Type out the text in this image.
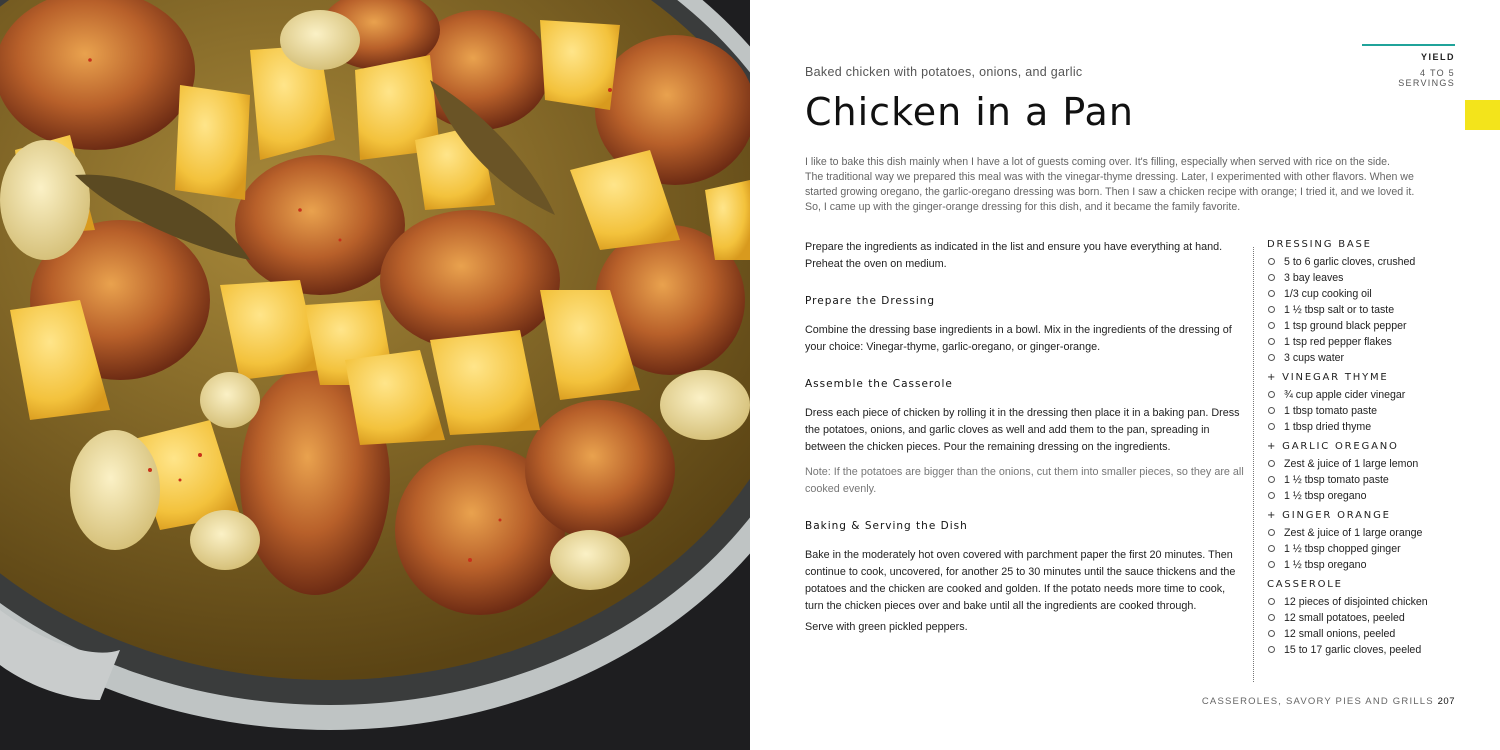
YIELD
4 TO 5 SERVINGS
Baked chicken with potatoes, onions, and garlic
Chicken in a Pan

I like to bake this dish mainly when I have a lot of guests coming over. It's filling, especially when served with rice on the side.

The traditional way we prepared this meal was with the vinegar-thyme dressing. Later, I experimented with other flavors. When we

started growing oregano, the garlic-oregano dressing was born. Then I saw a chicken recipe with orange; I tried it, and we loved it.

So, I came up with the ginger-orange dressing for this dish, and it became the family favorite.

Prepare the ingredients as indicated in the list and ensure you have everything at hand. Preheat the oven on medium.

Prepare the Dressing

Combine the dressing base ingredients in a bowl. Mix in the ingredients of the dressing of your choice: Vinegar-thyme, garlic-oregano, or ginger-orange.

Assemble the Casserole

Dress each piece of chicken by rolling it in the dressing then place it in a baking pan. Dress the potatoes, onions, and garlic cloves as well and add them to the pan, spreading in between the chicken pieces. Pour the remaining dressing on the ingredients.

Note: If the potatoes are bigger than the onions, cut them into smaller pieces, so they are all cooked evenly.

Baking & Serving the Dish

Bake in the moderately hot oven covered with parchment paper the first 20 minutes. Then continue to cook, uncovered, for another 25 to 30 minutes until the sauce thickens and the potatoes and the chicken are cooked and golden. If the potato needs more time to cook, turn the chicken pieces over and bake until all the ingredients are cooked through.

Serve with green pickled peppers.

DRESSING BASE
5 to 6 garlic cloves, crushed
3 bay leaves
1/3 cup cooking oil
1 ½ tbsp salt or to taste
1 tsp ground black pepper
1 tsp red pepper flakes
3 cups water
+ VINEGAR THYME
¾ cup apple cider vinegar
1 tbsp tomato paste
1 tbsp dried thyme
+ GARLIC OREGANO
Zest & juice of 1 large lemon
1 ½ tbsp tomato paste
1 ½ tbsp oregano
+ GINGER ORANGE
Zest & juice of 1 large orange
1 ½ tbsp chopped ginger
1 ½ tbsp oregano
CASSEROLE
12 pieces of disjointed chicken
12 small potatoes, peeled
12 small onions, peeled
15 to 17 garlic cloves, peeled
CASSEROLES, SAVORY PIES AND GRILLS 207
